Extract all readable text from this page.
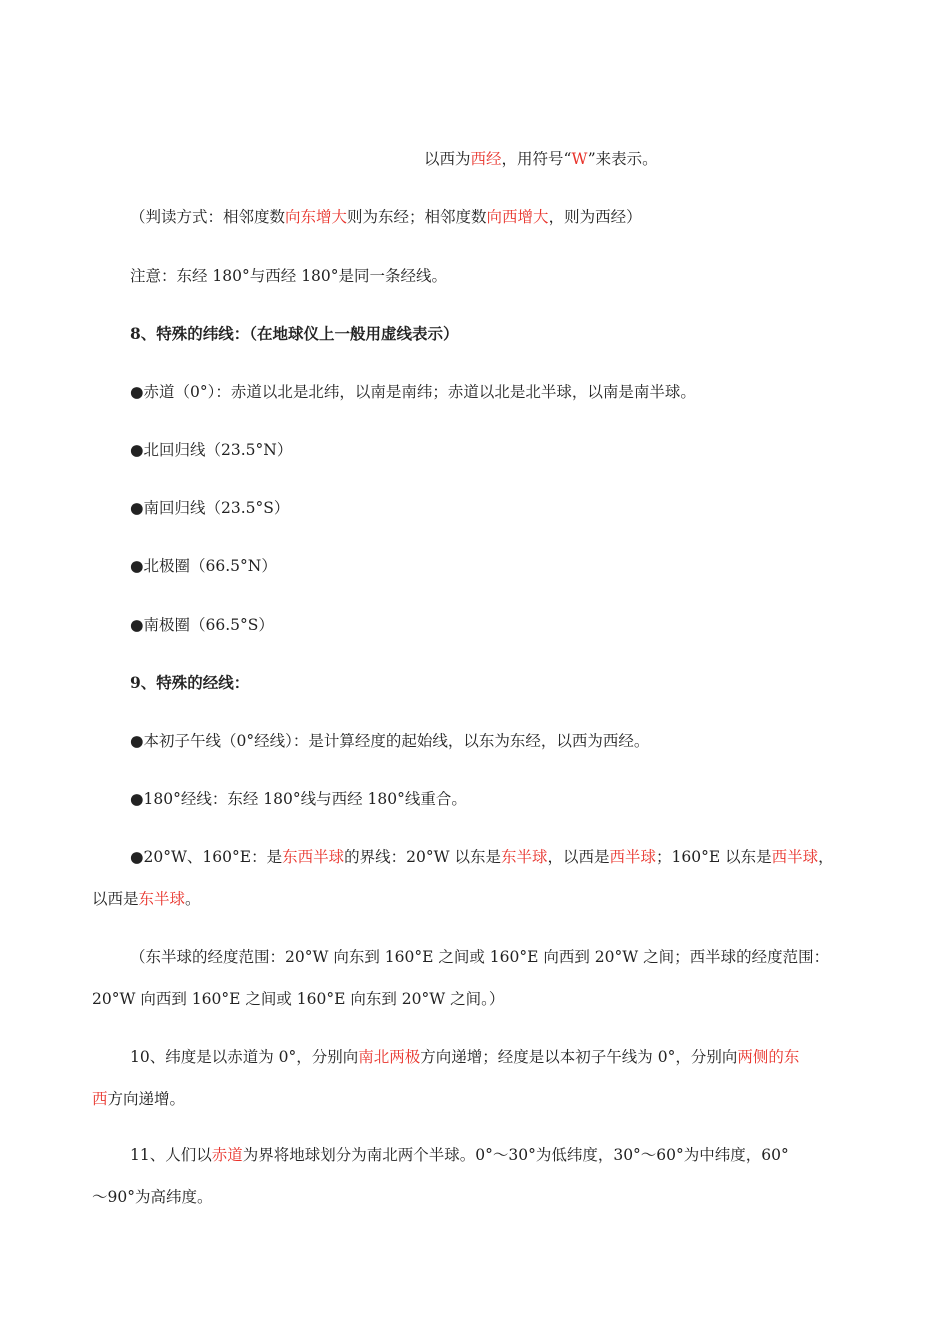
以西为西经，用符号“W”来表示。
（判读方式：相邻度数向东增大则为东经；相邻度数向西增大，则为西经）
注意：东经 180°与西经 180°是同一条经线。
8、特殊的纬线：（在地球仪上一般用虚线表示）
●赤道（0°）：赤道以北是北纬，以南是南纬；赤道以北是北半球，以南是南半球。
●北回归线（23.5°N）
●南回归线（23.5°S）
●北极圈（66.5°N）
●南极圈（66.5°S）
9、特殊的经线：
●本初子午线（0°经线）：是计算经度的起始线，以东为东经，以西为西经。
●180°经线：东经 180°线与西经 180°线重合。
●20°W、160°E：是东西半球的界线：20°W 以东是东半球，以西是西半球；160°E 以东是西半球，
以西是东半球。
（东半球的经度范围：20°W 向东到 160°E 之间或 160°E 向西到 20°W 之间；西半球的经度范围：
20°W 向西到 160°E 之间或 160°E 向东到 20°W 之间。）
10、纬度是以赤道为 0°，分别向南北两极方向递增；经度是以本初子午线为 0°，分别向两侧的东
西方向递增。
11、人们以赤道为界将地球划分为南北两个半球。0°～30°为低纬度，30°～60°为中纬度，60°
～90°为高纬度。
